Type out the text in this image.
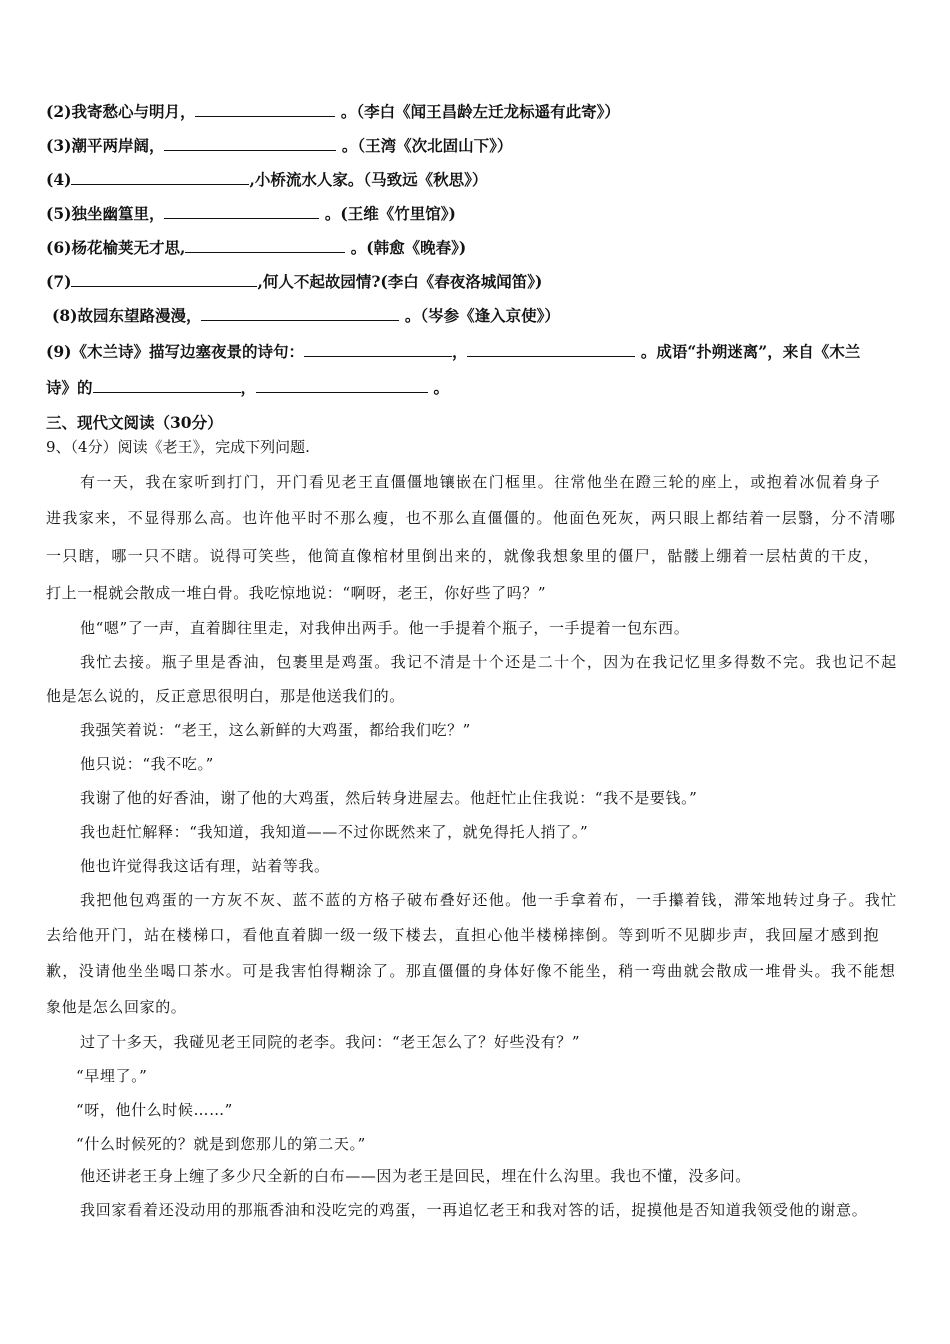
(2)我寄愁心与明月，	。（李白《闻王昌龄左迁龙标遥有此寄》）
(3)潮平两岸阔，	。（王湾《次北固山下》）
(4)	,小桥流水人家。（马致远《秋思》）
(5)独坐幽篁里，	。(王维《竹里馆》)
(6)杨花榆荚无才思,	。(韩愈《晚春》)
(7)	,何人不起故园情?(李白《春夜洛城闻笛》)
(8)故园东望路漫漫，	。（岑参《逢入京使》）
(9)《木兰诗》描写边塞夜景的诗句：	，	。成语“扑朔迷离”，来自《木兰
诗》的	，	。
三、现代文阅读（30分）
9、（4分）阅读《老王》，完成下列问题.
有一天，我在家听到打门，开门看见老王直僵僵地镶嵌在门框里。往常他坐在蹬三轮的座上，或抱着冰侃着身子
进我家来，不显得那么高。也许他平时不那么瘦，也不那么直僵僵的。他面色死灰，两只眼上都结着一层翳，分不清哪
一只瞎，哪一只不瞎。说得可笑些，他简直像棺材里倒出来的，就像我想象里的僵尸，骷髅上绷着一层枯黄的干皮，
打上一棍就会散成一堆白骨。我吃惊地说：“啊呀，老王，你好些了吗？”
他“嗯”了一声，直着脚往里走，对我伸出两手。他一手提着个瓶子，一手提着一包东西。
我忙去接。瓶子里是香油，包裹里是鸡蛋。我记不清是十个还是二十个，因为在我记忆里多得数不完。我也记不起
他是怎么说的，反正意思很明白，那是他送我们的。
我强笑着说：“老王，这么新鲜的大鸡蛋，都给我们吃？”
他只说：“我不吃。”
我谢了他的好香油，谢了他的大鸡蛋，然后转身进屋去。他赶忙止住我说：“我不是要钱。”
我也赶忙解释：“我知道，我知道——不过你既然来了，就免得托人捎了。”
他也许觉得我这话有理，站着等我。
我把他包鸡蛋的一方灰不灰、蓝不蓝的方格子破布叠好还他。他一手拿着布，一手攥着钱，滞笨地转过身子。我忙
去给他开门，站在楼梯口，看他直着脚一级一级下楼去，直担心他半楼梯摔倒。等到听不见脚步声，我回屋才感到抱
歉，没请他坐坐喝口茶水。可是我害怕得糊涂了。那直僵僵的身体好像不能坐，稍一弯曲就会散成一堆骨头。我不能想
象他是怎么回家的。
过了十多天，我碰见老王同院的老李。我问：“老王怎么了？好些没有？”
“早埋了。”
“呀，他什么时候……”
“什么时候死的？就是到您那儿的第二天。”
他还讲老王身上缠了多少尺全新的白布——因为老王是回民，埋在什么沟里。我也不懂，没多问。
我回家看着还没动用的那瓶香油和没吃完的鸡蛋，一再追忆老王和我对答的话，捉摸他是否知道我领受他的谢意。
